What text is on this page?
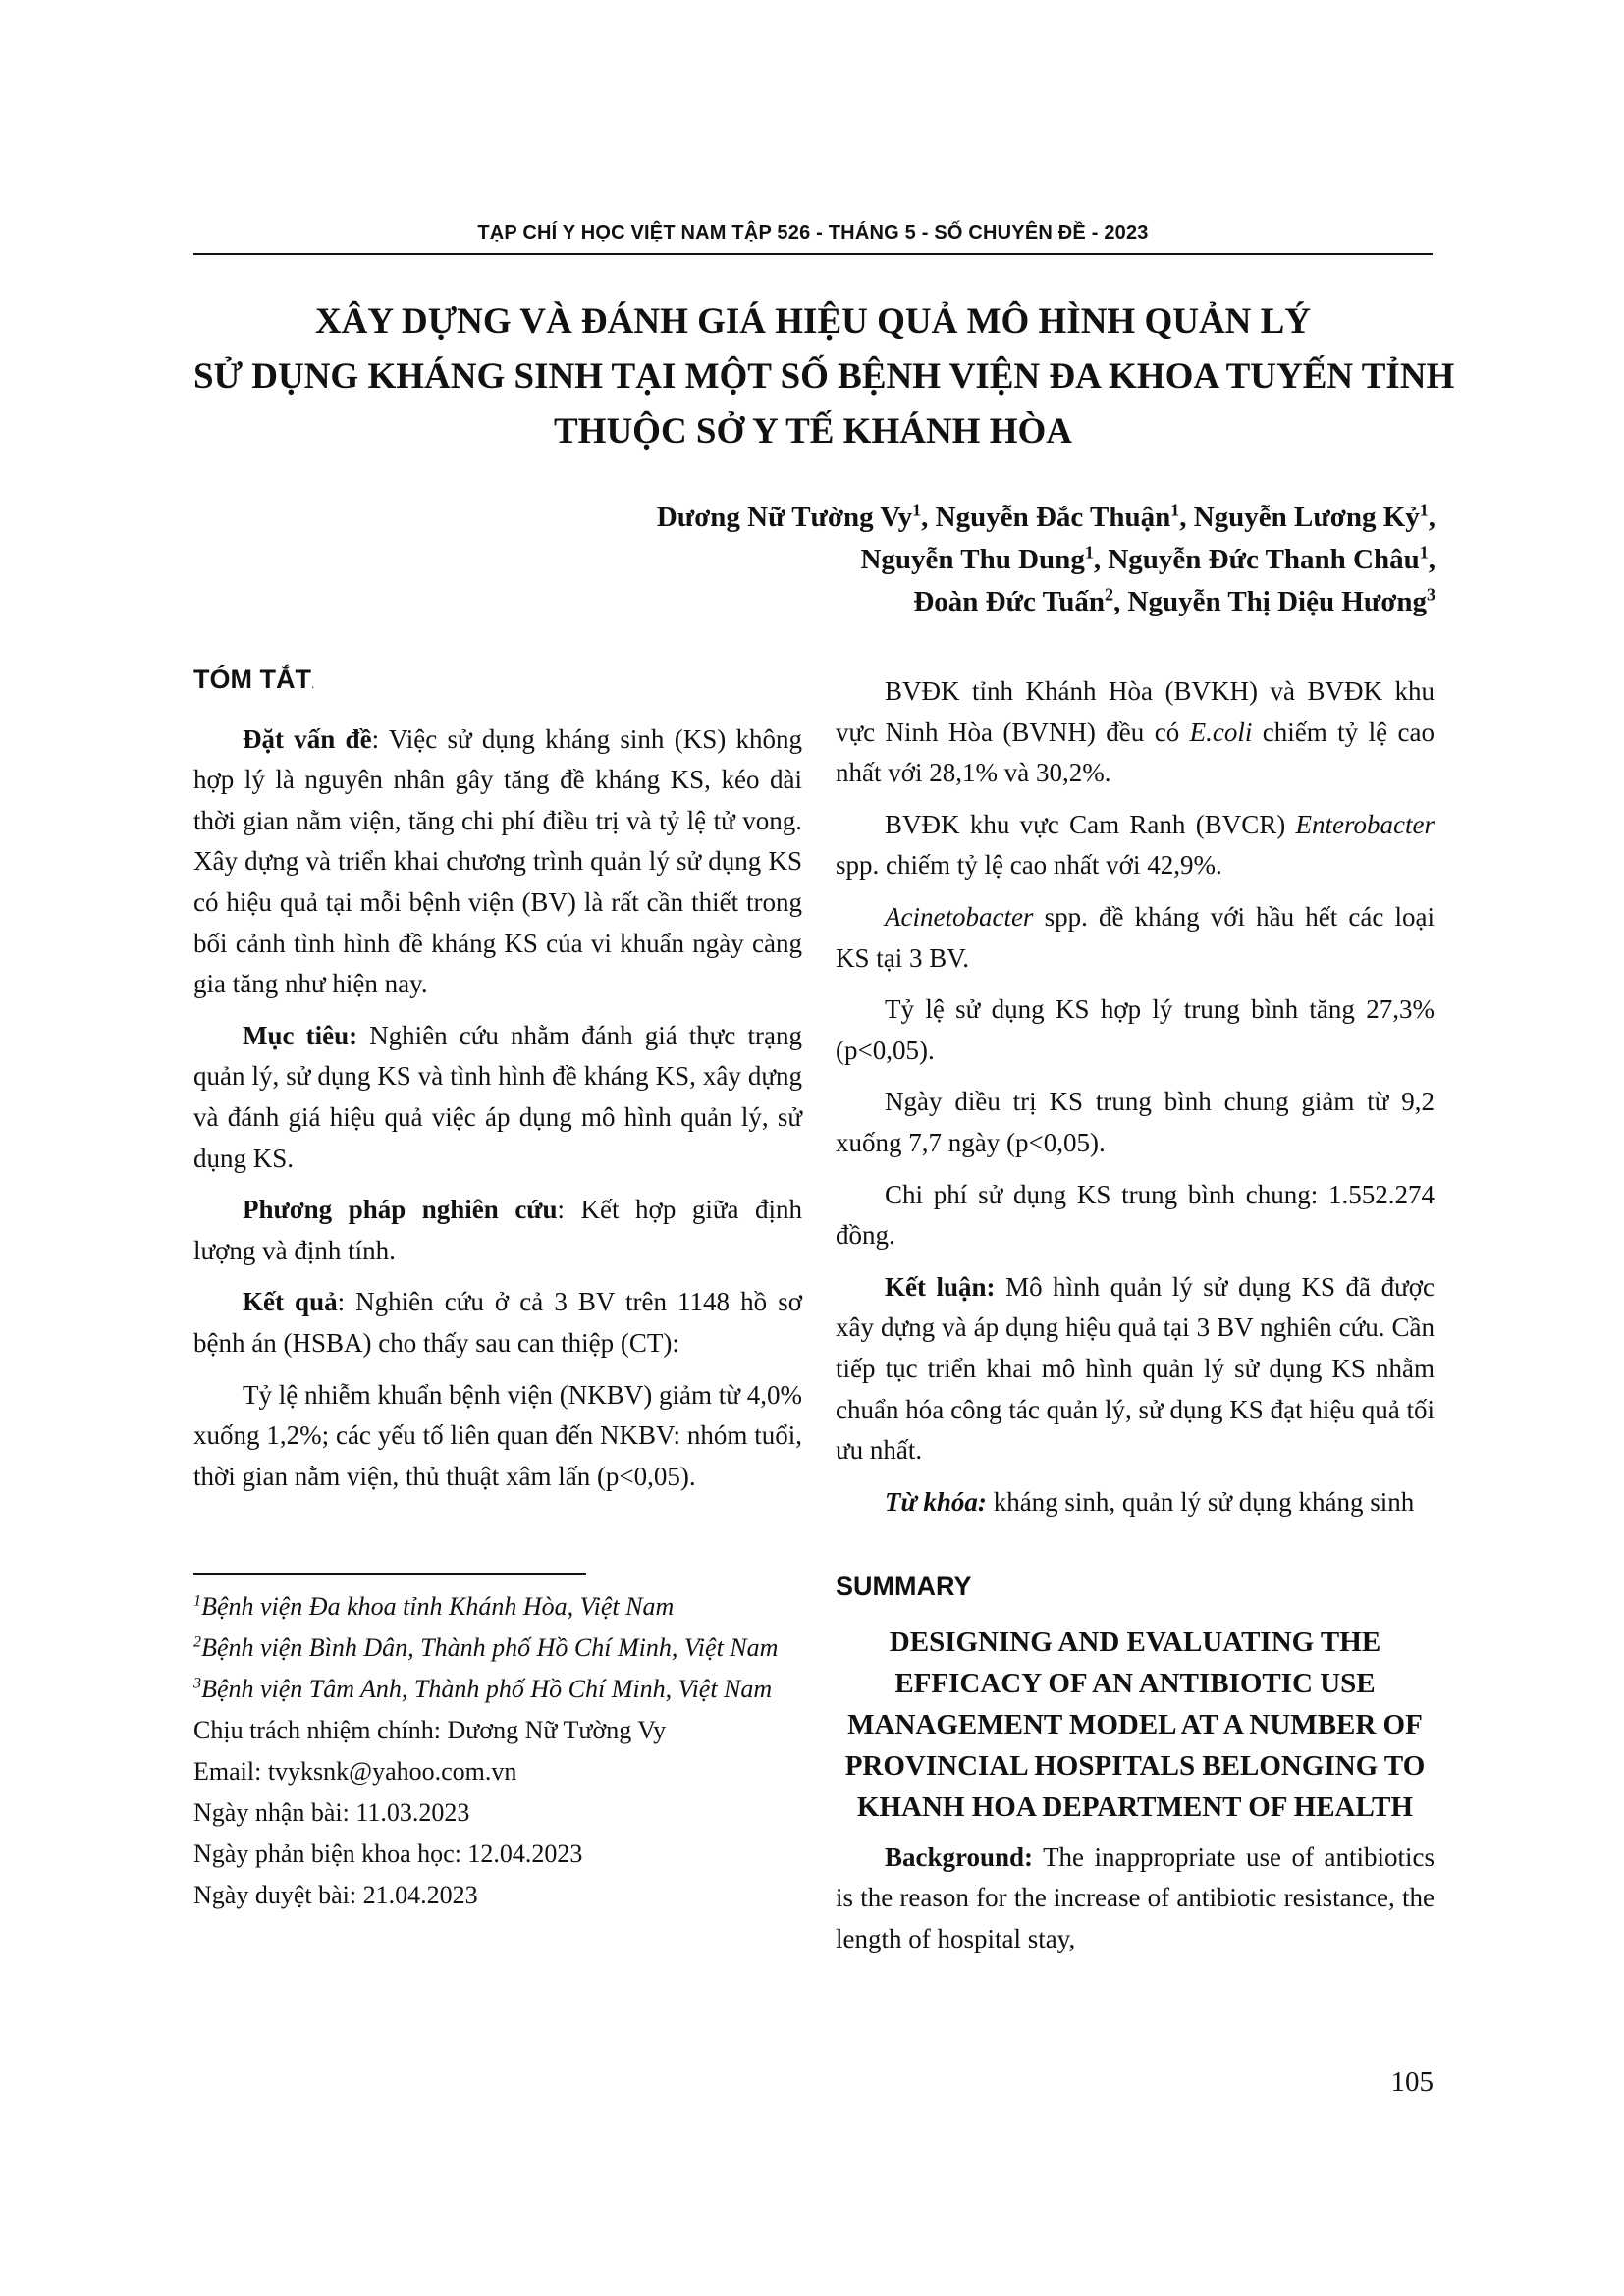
TẠP CHÍ Y HỌC VIỆT NAM TẬP 526 - THÁNG 5 - SỐ CHUYÊN ĐỀ - 2023
XÂY DỰNG VÀ ĐÁNH GIÁ HIỆU QUẢ MÔ HÌNH QUẢN LÝ
SỬ DỤNG KHÁNG SINH TẠI MỘT SỐ BỆNH VIỆN ĐA KHOA TUYẾN TỈNH
THUỘC SỞ Y TẾ KHÁNH HÒA
Dương Nữ Tường Vy$^1$, Nguyễn Đắc Thuận$^1$, Nguyễn Lương Kỷ$^1$,
Nguyễn Thu Dung$^1$, Nguyễn Đức Thanh Châu$^1$,
Đoàn Đức Tuấn$^2$, Nguyễn Thị Diệu Hương$^3$
TÓM TẮT.

Đặt vấn đề: Việc sử dụng kháng sinh (KS) không hợp lý là nguyên nhân gây tăng đề kháng KS, kéo dài thời gian nằm viện, tăng chi phí điều trị và tỷ lệ tử vong. Xây dựng và triển khai chương trình quản lý sử dụng KS có hiệu quả tại mỗi bệnh viện (BV) là rất cần thiết trong bối cảnh tình hình đề kháng KS của vi khuẩn ngày càng gia tăng như hiện nay.

Mục tiêu: Nghiên cứu nhằm đánh giá thực trạng quản lý, sử dụng KS và tình hình đề kháng KS, xây dựng và đánh giá hiệu quả việc áp dụng mô hình quản lý, sử dụng KS.

Phương pháp nghiên cứu: Kết hợp giữa định lượng và định tính.

Kết quả: Nghiên cứu ở cả 3 BV trên 1148 hồ sơ bệnh án (HSBA) cho thấy sau can thiệp (CT):

Tỷ lệ nhiễm khuẩn bệnh viện (NKBV) giảm từ 4,0% xuống 1,2%; các yếu tố liên quan đến NKBV: nhóm tuổi, thời gian nằm viện, thủ thuật xâm lấn (p<0,05).

BVĐK tỉnh Khánh Hòa (BVKH) và BVĐK khu vực Ninh Hòa (BVNH) đều có E.coli chiếm tỷ lệ cao nhất với 28,1% và 30,2%.

BVĐK khu vực Cam Ranh (BVCR) Enterobacter spp. chiếm tỷ lệ cao nhất với 42,9%.

Acinetobacter spp. đề kháng với hầu hết các loại KS tại 3 BV.

Tỷ lệ sử dụng KS hợp lý trung bình tăng 27,3% (p<0,05).

Ngày điều trị KS trung bình chung giảm từ 9,2 xuống 7,7 ngày (p<0,05).

Chi phí sử dụng KS trung bình chung: 1.552.274 đồng.

Kết luận: Mô hình quản lý sử dụng KS đã được xây dựng và áp dụng hiệu quả tại 3 BV nghiên cứu. Cần tiếp tục triển khai mô hình quản lý sử dụng KS nhằm chuẩn hóa công tác quản lý, sử dụng KS đạt hiệu quả tối ưu nhất.

Từ khóa: kháng sinh, quản lý sử dụng kháng sinh

$^1$Bệnh viện Đa khoa tỉnh Khánh Hòa, Việt Nam
$^2$Bệnh viện Bình Dân, Thành phố Hồ Chí Minh, Việt Nam
$^3$Bệnh viện Tâm Anh, Thành phố Hồ Chí Minh, Việt Nam
Chịu trách nhiệm chính: Dương Nữ Tường Vy
Email: tvyksnk@yahoo.com.vn
Ngày nhận bài: 11.03.2023
Ngày phản biện khoa học: 12.04.2023
Ngày duyệt bài: 21.04.2023
SUMMARY
DESIGNING AND EVALUATING THE EFFICACY OF AN ANTIBIOTIC USE MANAGEMENT MODEL AT A NUMBER OF PROVINCIAL HOSPITALS BELONGING TO KHANH HOA DEPARTMENT OF HEALTH

Background: The inappropriate use of antibiotics is the reason for the increase of antibiotic resistance, the length of hospital stay,

105
